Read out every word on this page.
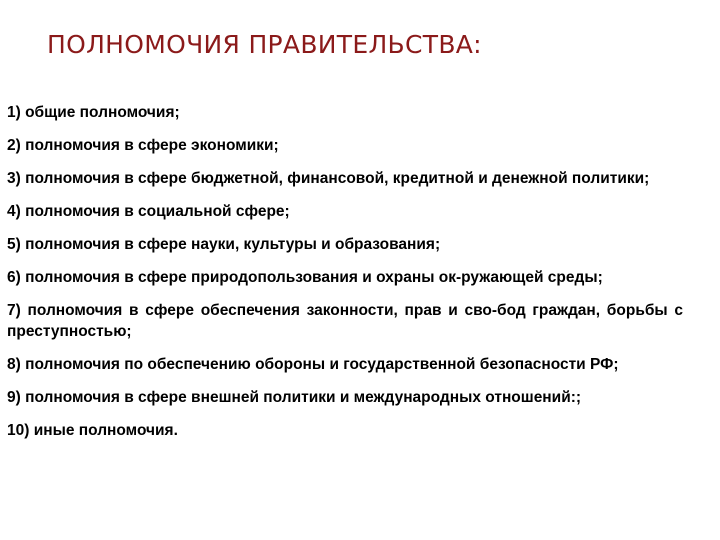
ПОЛНОМОЧИЯ ПРАВИТЕЛЬСТВА:
1) общие полномочия;
2) полномочия в сфере экономики;
3) полномочия в сфере бюджетной, финансовой, кредитной и денежной политики;
4) полномочия в социальной сфере;
5) полномочия в сфере науки, культуры и образования;
6) полномочия в сфере природопользования и охраны ок-ружающей среды;
7) полномочия в сфере обеспечения законности, прав и сво-бод граждан, борьбы с преступностью;
8) полномочия по обеспечению обороны и государственной безопасности РФ;
9) полномочия в сфере внешней политики и международных отношений:;
10) иные полномочия.
